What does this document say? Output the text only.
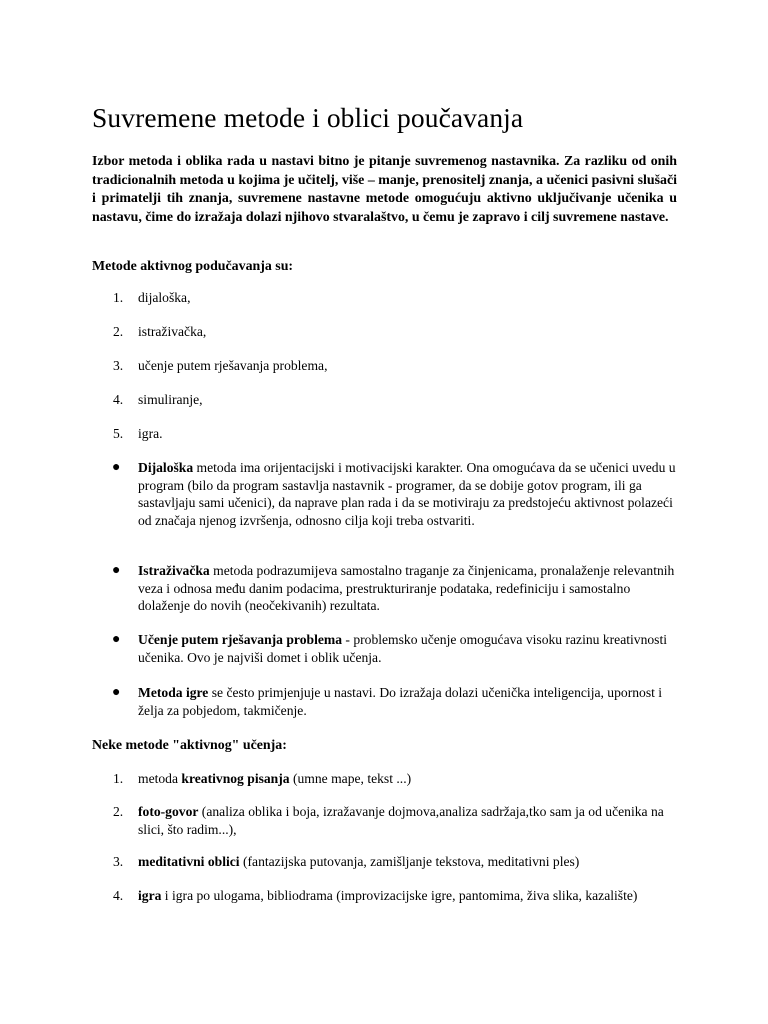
Suvremene metode i oblici poučavanja

Izbor metoda i oblika rada u nastavi bitno je pitanje suvremenog nastavnika. Za razliku od onih tradicionalnih metoda u kojima je učitelj, više – manje, prenositelj znanja, a učenici pasivni slušači i primatelji tih znanja, suvremene nastavne metode omogućuju aktivno uključivanje učenika u nastavu, čime do izražaja dolazi njihovo stvaralaštvo, u čemu je zapravo i cilj suvremene nastave.

Metode aktivnog podučavanja su:

1. dijaloška,
2. istraživačka,
3. učenje putem rješavanja problema,
4. simuliranje,
5. igra.
● Dijaloška metoda ima orijentacijski i motivacijski karakter. Ona omogućava da se učenici uvedu u program (bilo da program sastavlja nastavnik - programer, da se dobije gotov program, ili ga sastavljaju sami učenici), da naprave plan rada i da se motiviraju za predstojeću aktivnost polazeći od značaja njenog izvršenja, odnosno cilja koji treba ostvariti.
● Istraživačka metoda podrazumijeva samostalno traganje za činjenicama, pronalaženje relevantnih veza i odnosa među danim podacima, prestrukturiranje podataka, redefiniciju i samostalno dolaženje do novih (neočekivanih) rezultata.
● Učenje putem rješavanja problema - problemsko učenje omogućava visoku razinu kreativnosti učenika. Ovo je najviši domet i oblik učenja.
● Metoda igre se često primjenjuje u nastavi. Do izražaja dolazi učenička inteligencija, upornost i želja za pobjedom, takmičenje.

Neke metode "aktivnog" učenja:

1. metoda kreativnog pisanja (umne mape, tekst ...)
2. foto-govor (analiza oblika i boja, izražavanje dojmova,analiza sadržaja,tko sam ja od učenika na slici, što radim...),
3. meditativni oblici (fantazijska putovanja, zamišljanje tekstova, meditativni ples)
4. igra i igra po ulogama, bibliodrama (improvizacijske igre, pantomima, živa slika, kazalište)
